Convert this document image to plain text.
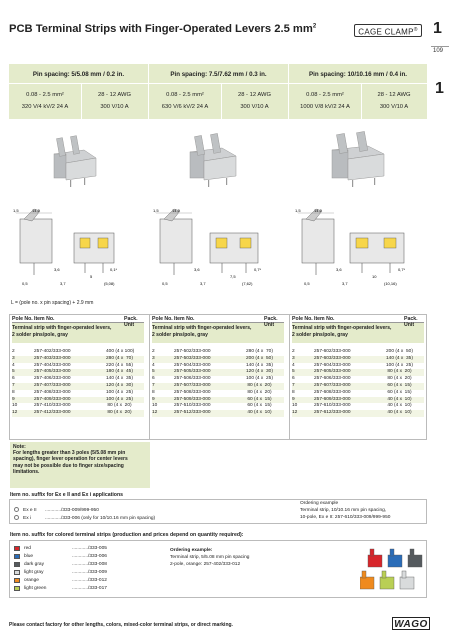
PCB Terminal Strips with Finger-Operated Levers 2.5 $mm^2$
CAGE CLAMP® 1
109
1
Pin spacing: 5/5.08 mm / 0.2 in.
0.08 - 2.5 mm²	28 - 12 AWG
320 V/4 kV/2 24 A	300 V/10 A
Pin spacing: 7.5/7.62 mm / 0.3 in.
0.08 - 2.5 mm²	28 - 12 AWG
630 V/6 kV/2 24 A	300 V/10 A
Pin spacing: 10/10.16 mm / 0.4 in.
0.08 - 2.5 mm²	28 - 12 AWG
1000 V/8 kV/2 24 A	300 V/10 A
1,5	14,2
3,6	0,1*
5
(5,08)
0,5	3,7
1,5	14,2
3,6	0,7*
7,5
(7,62)
0,5	3,7
1,5	14,2
3,6	0,7*
10
(10,16)
0,5	3,7
L = (pole no. x pin spacing) + 2.9 mm
Pole No. Item No.	Pack. Unit
Terminal strip with finger-operated levers,
2 solder pins/pole, gray
2	257-402/333-000	400 (4 x 100)
3	257-403/333-000	280 (4 x  70)
4	257-404/333-000	220 (4 x  55)
5	257-405/333-000	180 (4 x  45)
6	257-406/333-000	140 (4 x  35)
7	257-407/333-000	120 (4 x  30)
8	257-408/333-000	100 (4 x  25)
9	257-409/333-000	100 (4 x  25)
10	257-410/333-000	80 (4 x  20)
12	257-412/333-000	80 (4 x  20)
Pole No. Item No.	Pack. Unit
Terminal strip with finger-operated levers,
2 solder pins/pole, gray
2	257-502/333-000	280 (4 x  70)
3	257-503/333-000	200 (4 x  50)
4	257-504/333-000	140 (4 x  35)
5	257-505/333-000	120 (4 x  30)
6	257-506/333-000	100 (4 x  25)
7	257-507/333-000	80 (4 x  20)
8	257-508/333-000	80 (4 x  20)
9	257-509/333-000	60 (4 x  15)
10	257-510/333-000	60 (4 x  15)
12	257-512/333-000	40 (4 x  10)
Pole No. Item No.	Pack. Unit
Terminal strip with finger-operated levers,
2 solder pins/pole, gray
2	257-602/333-000	200 (4 x  50)
3	257-603/333-000	140 (4 x  35)
4	257-604/333-000	100 (4 x  25)
5	257-605/333-000	80 (4 x  20)
6	257-606/333-000	80 (4 x  20)
7	257-607/333-000	60 (4 x  15)
8	257-608/333-000	60 (4 x  15)
9	257-609/333-000	40 (4 x  10)
10	257-610/333-000	40 (4 x  10)
12	257-612/333-000	40 (4 x  10)
Note:
For lengths greater than 3 poles (5/5.08 mm pin
spacing), finger lever operation for center levers
may not be possible due to finger size/spacing
limitations.
Item no. suffix for Ex e II and Ex i applications
Ex e II ............/333-009/999-950
Ex i	............/333-006 (only for 10/10.16 mm pin spacing)
Ordering example
Terminal strip, 10/10.16 mm pin spacing,
10-pole, Ex e II: 257-610/333-009/999-950
Item no. suffix for colored terminal strips (production and prices depend on quantity required):
red	............/333-005
blue	............/333-006
dark gray	............/333-008
light gray	............/333-009
orange	............/333-012
light green	............/333-017
Ordering example:
Terminal strip, 5/5.08 mm pin spacing
2-pole, orange: 257-402/333-012
Please contact factory for other lengths, colors, mixed-color terminal strips, or direct marking.	WAGO
